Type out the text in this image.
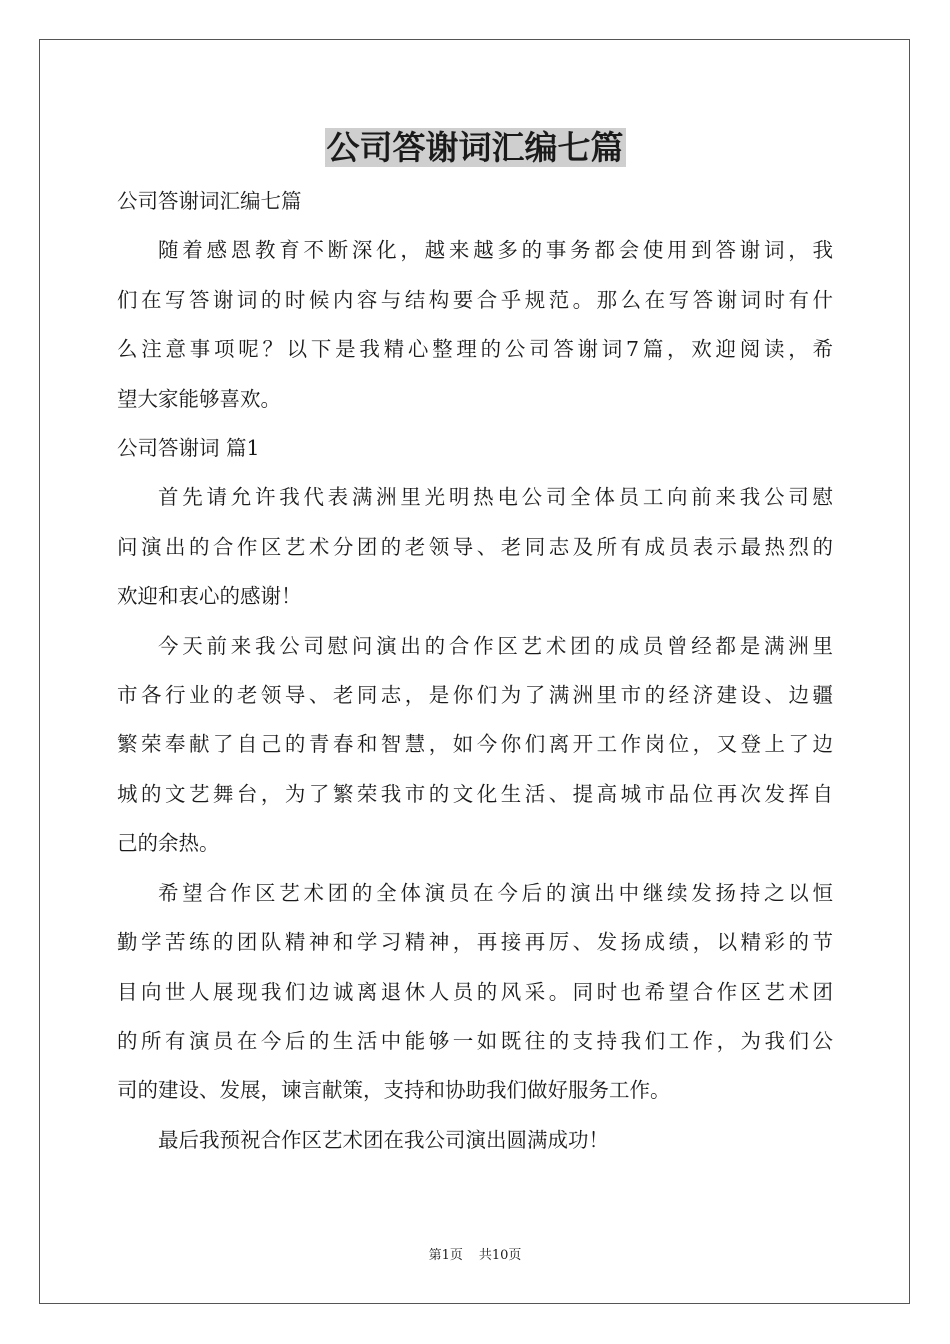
公司答谢词汇编七篇

公司答谢词汇编七篇

随着感恩教育不断深化，越来越多的事务都会使用到答谢词，我

们在写答谢词的时候内容与结构要合乎规范。那么在写答谢词时有什

么注意事项呢？以下是我精心整理的公司答谢词7篇，欢迎阅读，希

望大家能够喜欢。

公司答谢词 篇1

首先请允许我代表满洲里光明热电公司全体员工向前来我公司慰

问演出的合作区艺术分团的老领导、老同志及所有成员表示最热烈的

欢迎和衷心的感谢！

今天前来我公司慰问演出的合作区艺术团的成员曾经都是满洲里

市各行业的老领导、老同志，是你们为了满洲里市的经济建设、边疆

繁荣奉献了自己的青春和智慧，如今你们离开工作岗位，又登上了边

城的文艺舞台，为了繁荣我市的文化生活、提高城市品位再次发挥自

己的余热。

希望合作区艺术团的全体演员在今后的演出中继续发扬持之以恒

勤学苦练的团队精神和学习精神，再接再厉、发扬成绩，以精彩的节

目向世人展现我们边诚离退休人员的风采。同时也希望合作区艺术团

的所有演员在今后的生活中能够一如既往的支持我们工作，为我们公

司的建设、发展，谏言献策，支持和协助我们做好服务工作。

最后我预祝合作区艺术团在我公司演出圆满成功！

第1页 共10页
